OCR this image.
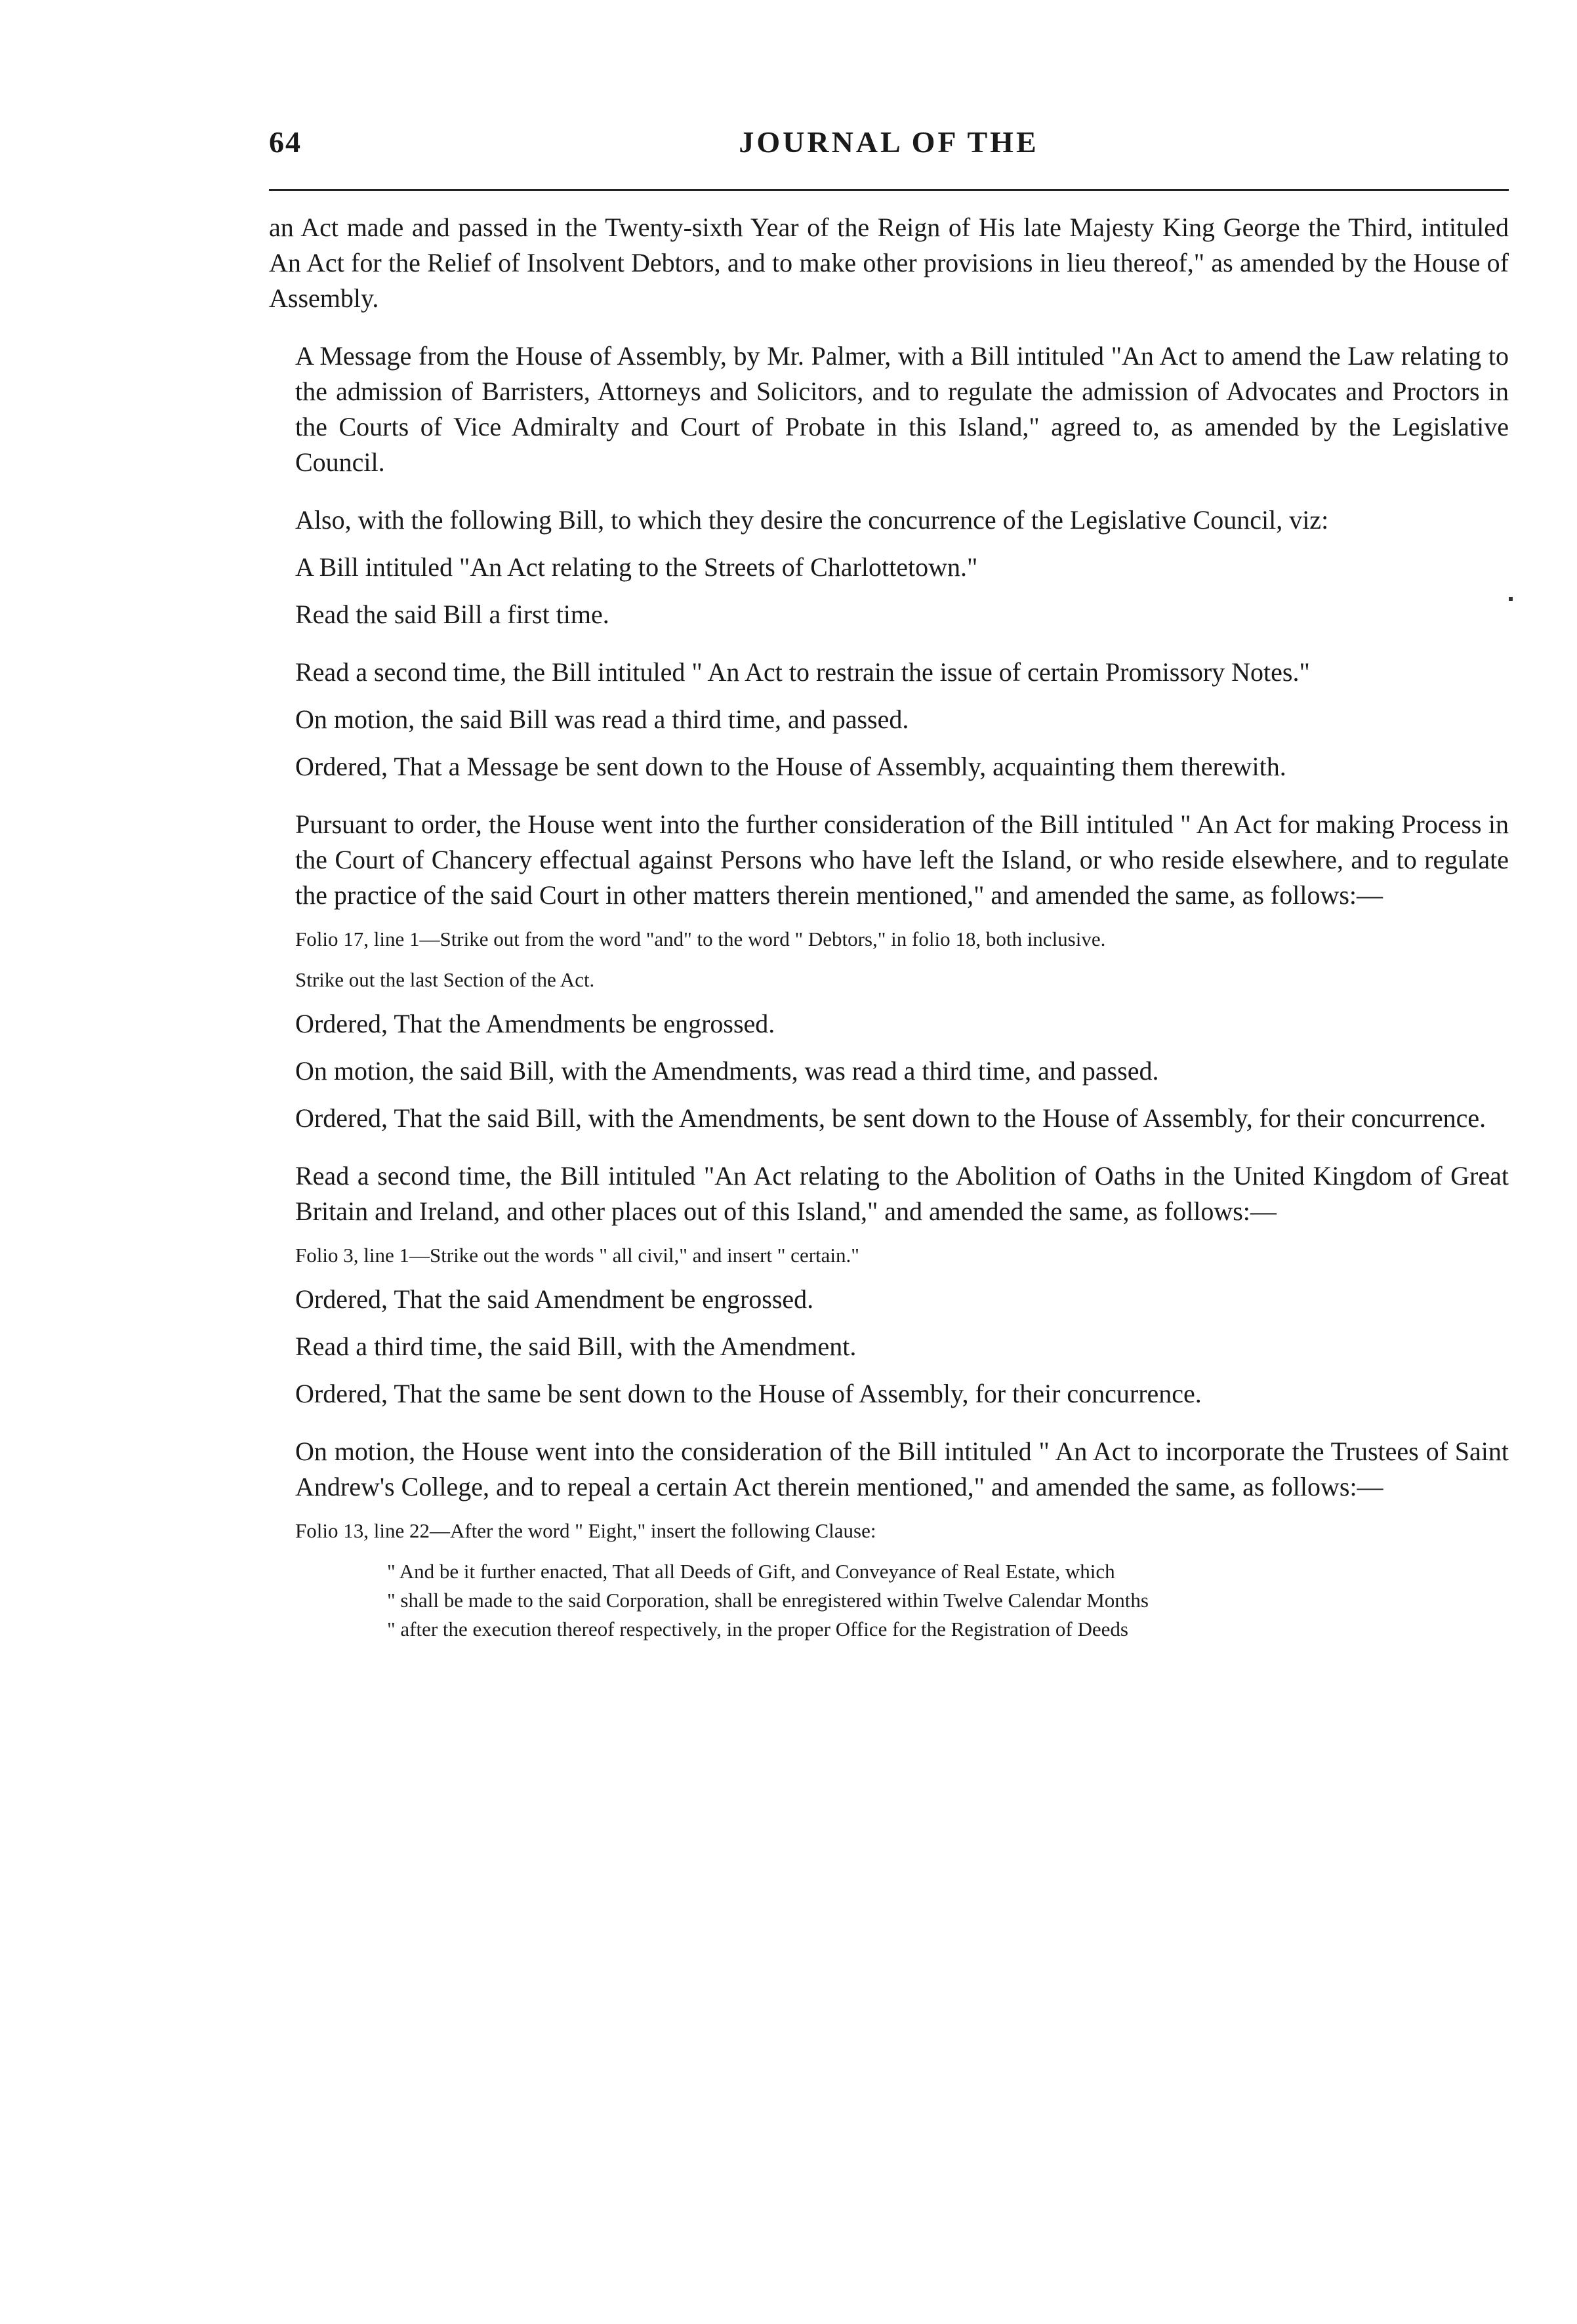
64	JOURNAL OF THE

an Act made and passed in the Twenty-sixth Year of the Reign of His late Majesty King George the Third, intituled An Act for the Relief of Insolvent Debtors, and to make other provisions in lieu thereof," as amended by the House of Assembly.

A Message from the House of Assembly, by Mr. Palmer, with a Bill intituled "An Act to amend the Law relating to the admission of Barristers, Attorneys and Solicitors, and to regulate the admission of Advocates and Proctors in the Courts of Vice Admiralty and Court of Probate in this Island," agreed to, as amended by the Legislative Council.

Also, with the following Bill, to which they desire the concurrence of the Legislative Council, viz:

A Bill intituled "An Act relating to the Streets of Charlottetown."

Read the said Bill a first time.

Read a second time, the Bill intituled " An Act to restrain the issue of certain Promissory Notes."

On motion, the said Bill was read a third time, and passed.

Ordered, That a Message be sent down to the House of Assembly, acquainting them therewith.

Pursuant to order, the House went into the further consideration of the Bill intituled " An Act for making Process in the Court of Chancery effectual against Persons who have left the Island, or who reside elsewhere, and to regulate the practice of the said Court in other matters therein mentioned," and amended the same, as follows:—

Folio 17, line 1—Strike out from the word "and" to the word " Debtors," in folio 18, both inclusive.

Strike out the last Section of the Act.

Ordered, That the Amendments be engrossed.

On motion, the said Bill, with the Amendments, was read a third time, and passed.

Ordered, That the said Bill, with the Amendments, be sent down to the House of Assembly, for their concurrence.

Read a second time, the Bill intituled "An Act relating to the Abolition of Oaths in the United Kingdom of Great Britain and Ireland, and other places out of this Island," and amended the same, as follows:—

Folio 3, line 1—Strike out the words " all civil," and insert " certain."

Ordered, That the said Amendment be engrossed.

Read a third time, the said Bill, with the Amendment.

Ordered, That the same be sent down to the House of Assembly, for their concurrence.

On motion, the House went into the consideration of the Bill intituled " An Act to incorporate the Trustees of Saint Andrew's College, and to repeal a certain Act therein mentioned," and amended the same, as follows:—

Folio 13, line 22—After the word " Eight," insert the following Clause:

" And be it further enacted, That all Deeds of Gift, and Conveyance of Real Estate, which

" shall be made to the said Corporation, shall be enregistered within Twelve Calendar Months

" after the execution thereof respectively, in the proper Office for the Registration of Deeds
